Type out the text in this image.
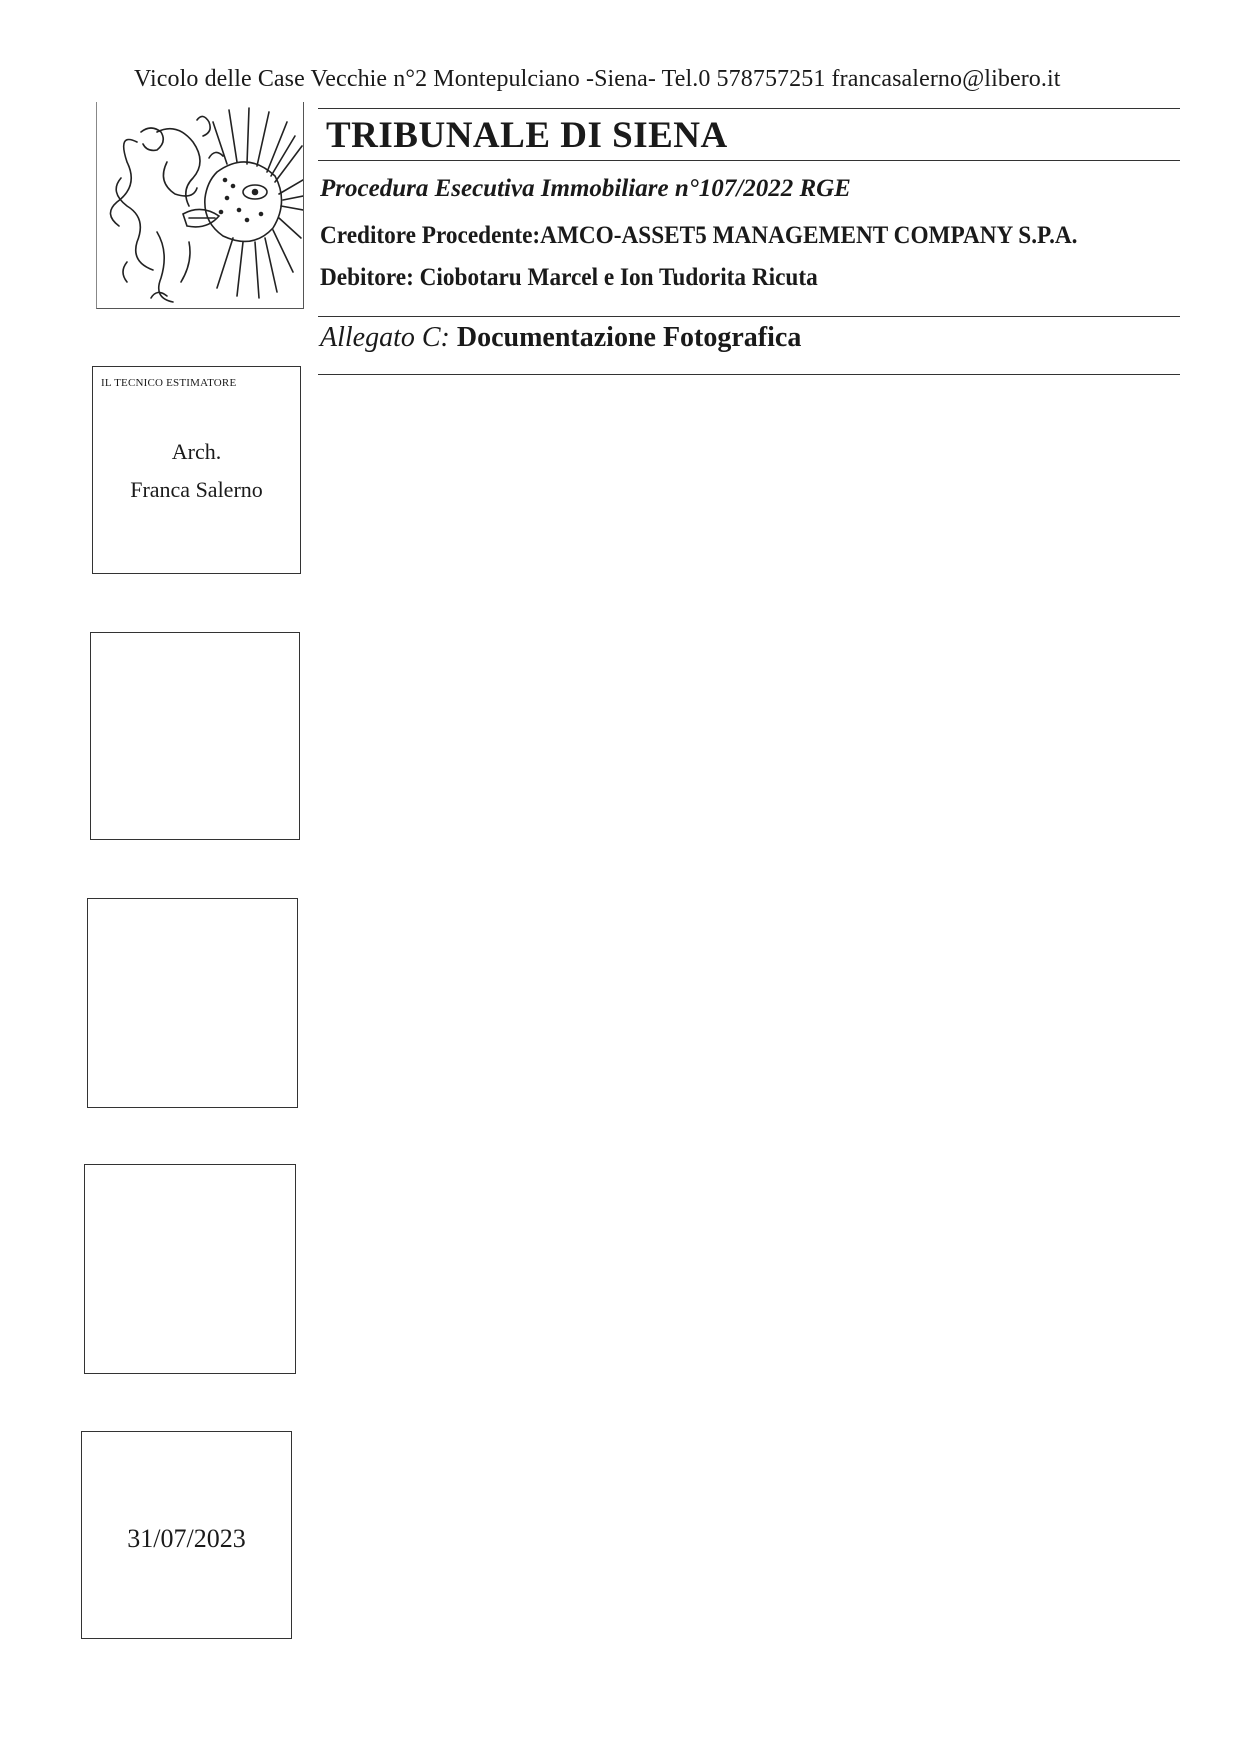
Vicolo delle Case Vecchie n°2 Montepulciano -Siena- Tel.0 578757251 francasalerno@libero.it
TRIBUNALE DI SIENA
Procedura Esecutiva Immobiliare n°107/2022 RGE
Creditore Procedente:AMCO-ASSET5 MANAGEMENT COMPANY S.P.A.
Debitore: Ciobotaru Marcel e Ion Tudorita Ricuta
Allegato C: Documentazione Fotografica
IL TECNICO ESTIMATORE
Arch.
Franca Salerno
31/07/2023
